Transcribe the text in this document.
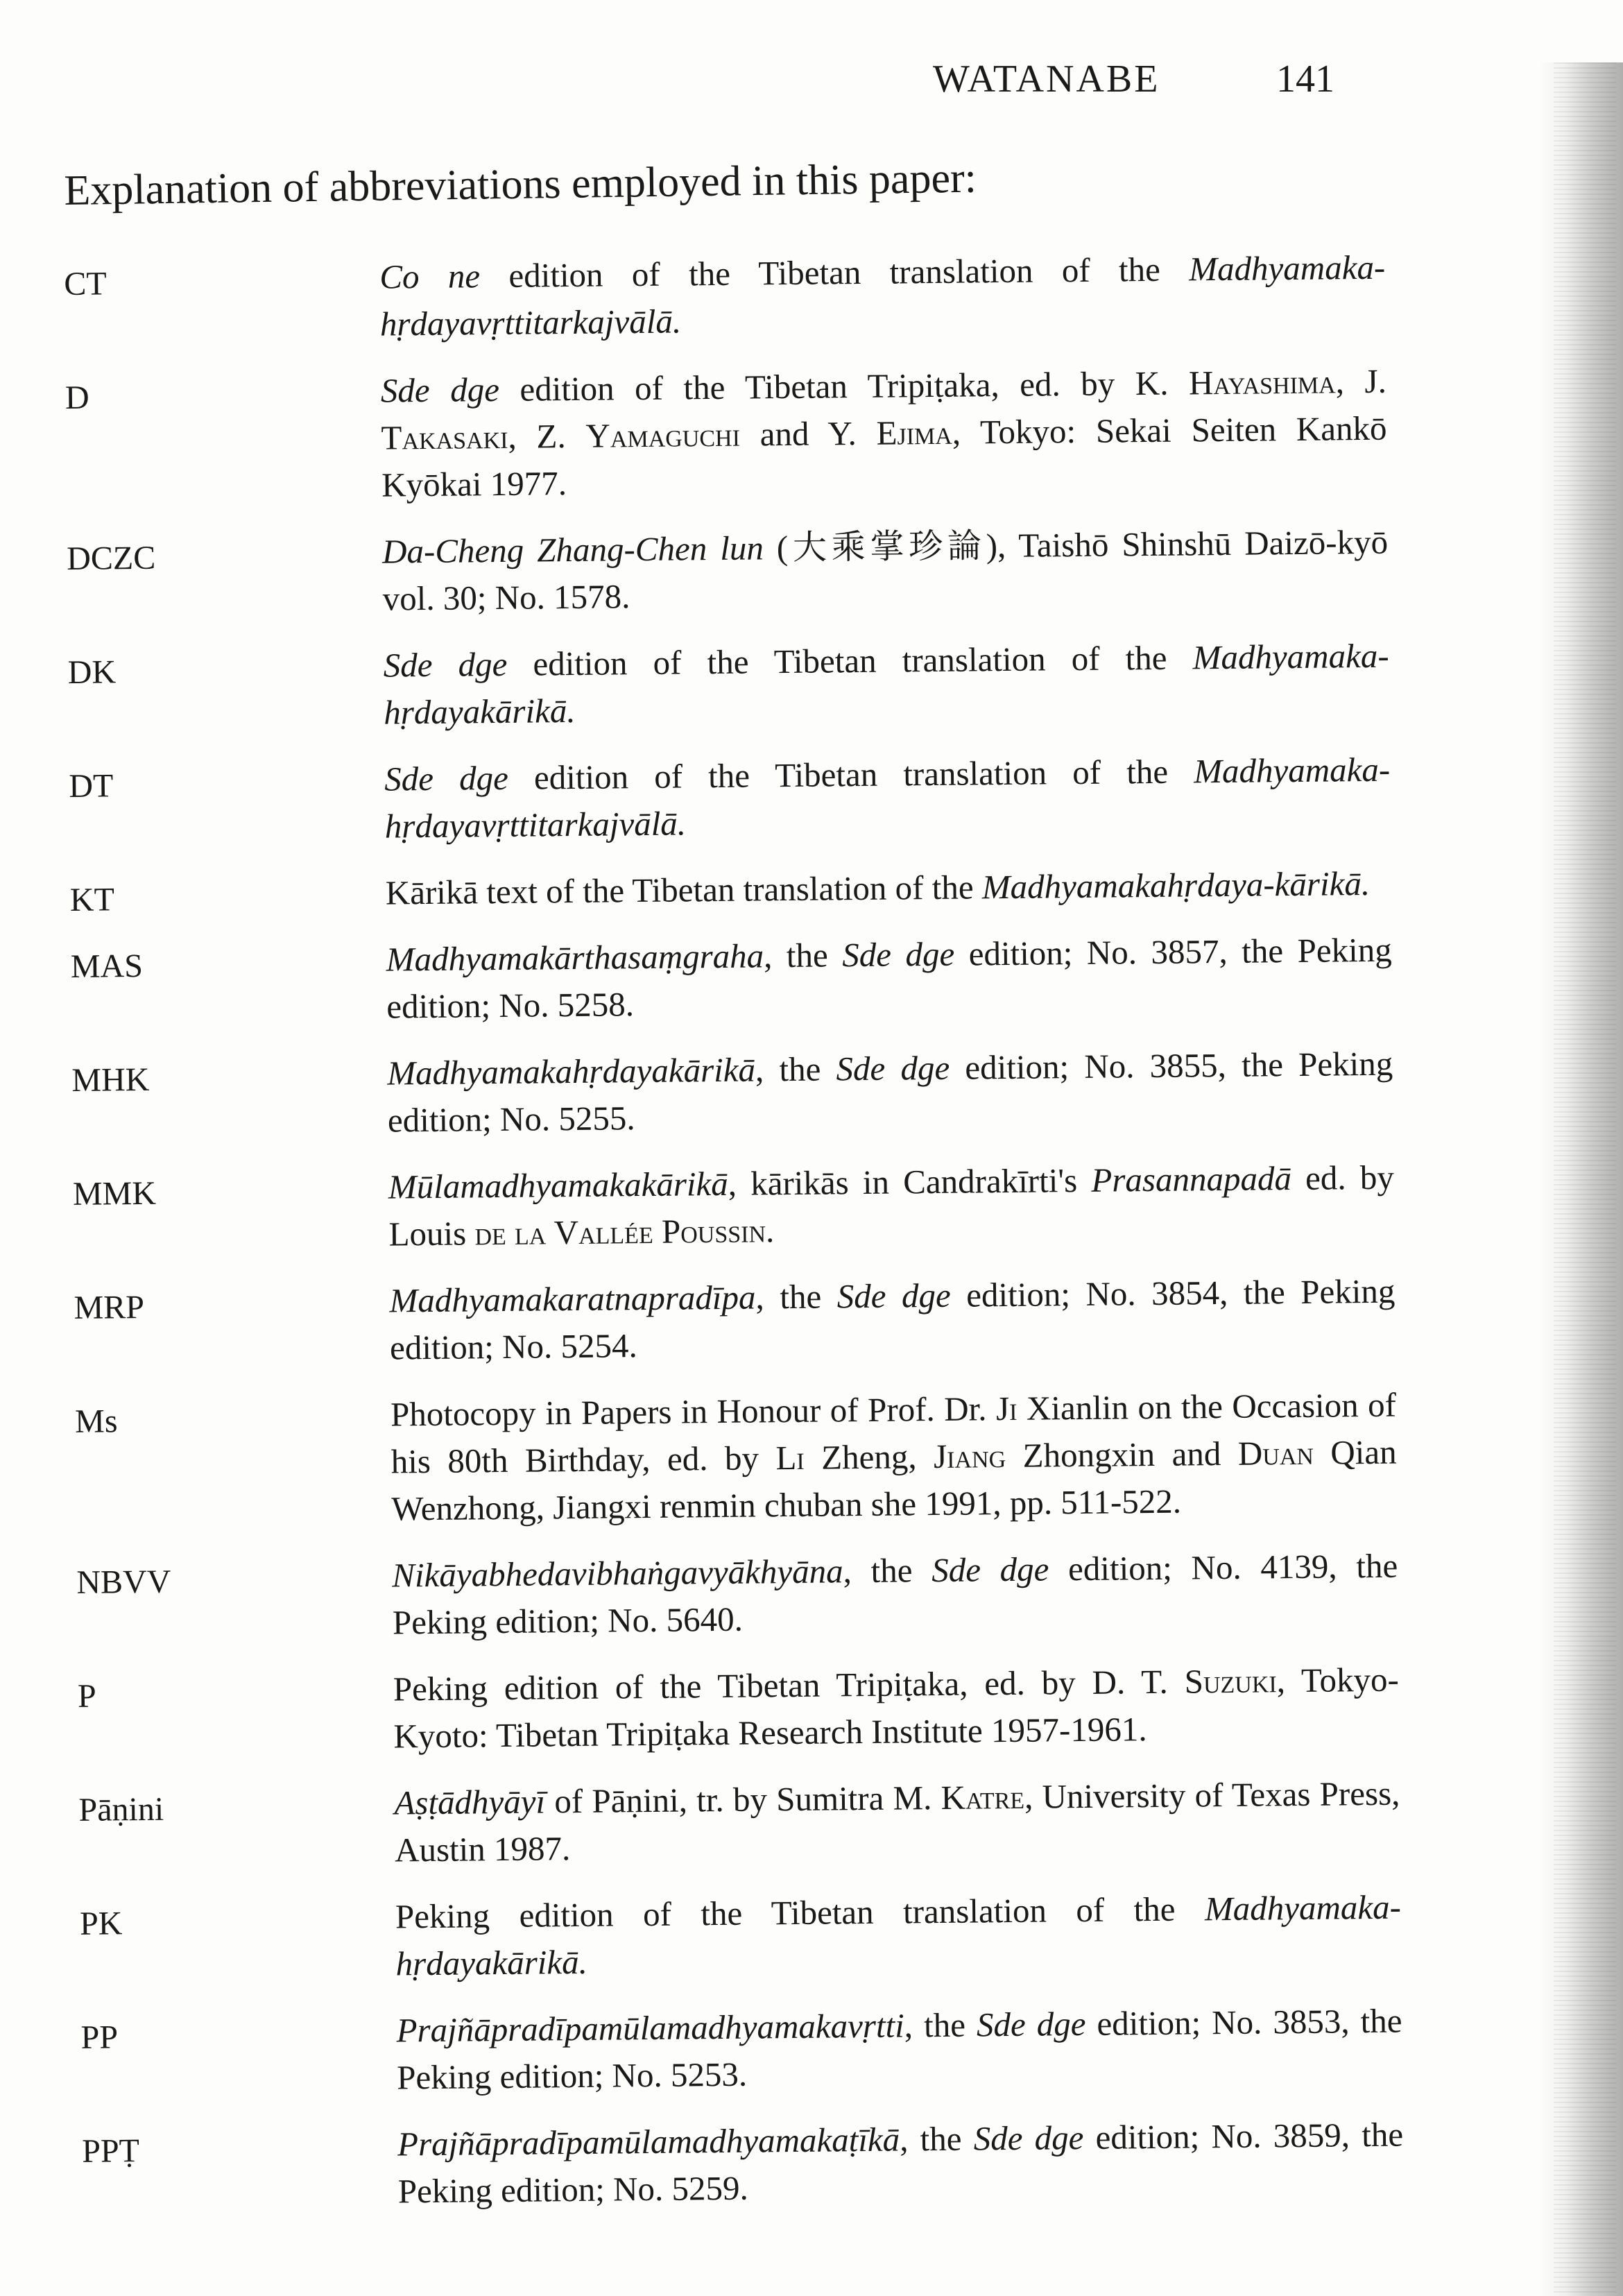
WATANABE	141
Explanation of abbreviations employed in this paper:
CT	Co ne edition of the Tibetan translation of the Madhyamaka-hṛdayavṛttitarkajvālā.
D	Sde dge edition of the Tibetan Tripiṭaka, ed. by K. Hayashima, J. Takasaki, Z. Yamaguchi and Y. Ejima, Tokyo: Sekai Seiten Kankō Kyōkai 1977.
DCZC	Da-Cheng Zhang-Chen lun (大乘掌珍論), Taishō Shinshū Daizō-kyō vol. 30; No. 1578.
DK	Sde dge edition of the Tibetan translation of the Madhyamaka-hṛdayakārikā.
DT	Sde dge edition of the Tibetan translation of the Madhyamaka-hṛdayavṛttitarkajvālā.
KT	Kārikā text of the Tibetan translation of the Madhyamakahṛdaya-kārikā.
MAS	Madhyamakārthasaṃgraha, the Sde dge edition; No. 3857, the Peking edition; No. 5258.
MHK	Madhyamakahṛdayakārikā, the Sde dge edition; No. 3855, the Peking edition; No. 5255.
MMK	Mūlamadhyamakakārikā, kārikās in Candrakīrti's Prasannapadā ed. by Louis de la Vallée Poussin.
MRP	Madhyamakaratnapradīpa, the Sde dge edition; No. 3854, the Peking edition; No. 5254.
Ms	Photocopy in Papers in Honour of Prof. Dr. Ji Xianlin on the Occasion of his 80th Birthday, ed. by Li Zheng, Jiang Zhongxin and Duan Qian Wenzhong, Jiangxi renmin chuban she 1991, pp. 511-522.
NBVV	Nikāyabhedavibhaṅgavyākhyāna, the Sde dge edition; No. 4139, the Peking edition; No. 5640.
P	Peking edition of the Tibetan Tripiṭaka, ed. by D. T. Suzuki, Tokyo-Kyoto: Tibetan Tripiṭaka Research Institute 1957-1961.
Pāṇini	Aṣṭādhyāyī of Pāṇini, tr. by Sumitra M. Katre, University of Texas Press, Austin 1987.
PK	Peking edition of the Tibetan translation of the Madhyamaka-hṛdayakārikā.
PP	Prajñāpradīpamūlamadhyamakavṛtti, the Sde dge edition; No. 3853, the Peking edition; No. 5253.
PPṬ	Prajñāpradīpamūlamadhyamakaṭīkā, the Sde dge edition; No. 3859, the Peking edition; No. 5259.
